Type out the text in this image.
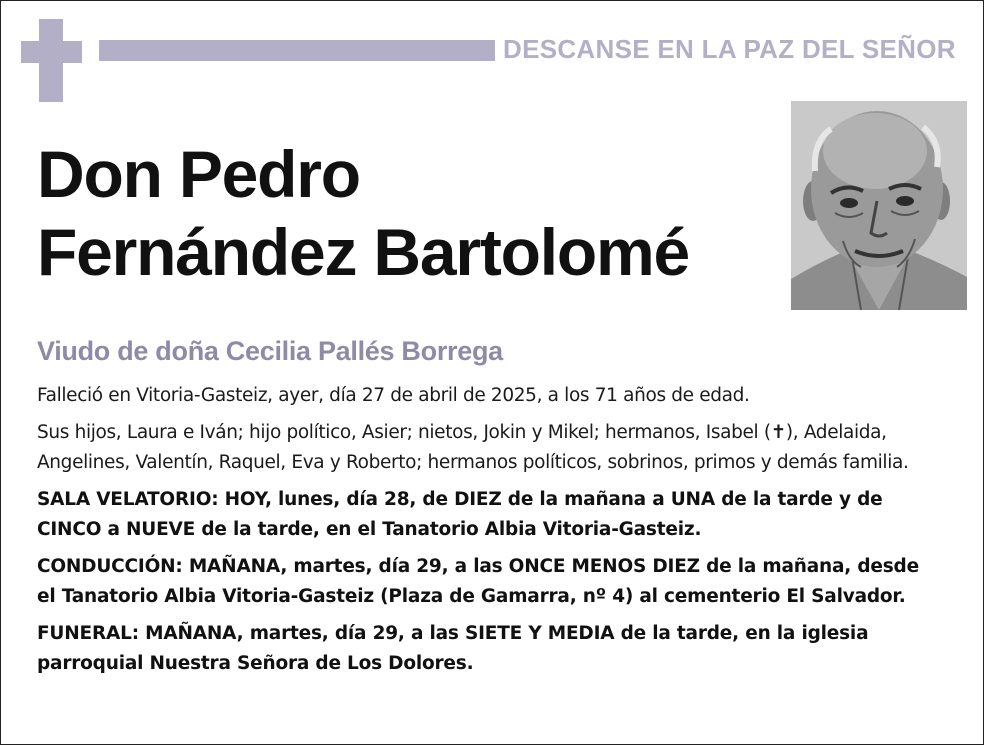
DESCANSE EN LA PAZ DEL SEÑOR
Don Pedro
Fernández Bartolomé
Viudo de doña Cecilia Pallés Borrega

Falleció en Vitoria-Gasteiz, ayer, día 27 de abril de 2025, a los 71 años de edad.

Sus hijos, Laura e Iván; hijo político, Asier; nietos, Jokin y Mikel; hermanos, Isabel (✝), Adelaida, Angelines, Valentín, Raquel, Eva y Roberto; hermanos políticos, sobrinos, primos y demás familia.

SALA VELATORIO: HOY, lunes, día 28, de DIEZ de la mañana a UNA de la tarde y de CINCO a NUEVE de la tarde, en el Tanatorio Albia Vitoria-Gasteiz.

CONDUCCIÓN: MAÑANA, martes, día 29, a las ONCE MENOS DIEZ de la mañana, desde el Tanatorio Albia Vitoria-Gasteiz (Plaza de Gamarra, nº 4) al cementerio El Salvador.

FUNERAL: MAÑANA, martes, día 29, a las SIETE Y MEDIA de la tarde, en la iglesia parroquial Nuestra Señora de Los Dolores.
